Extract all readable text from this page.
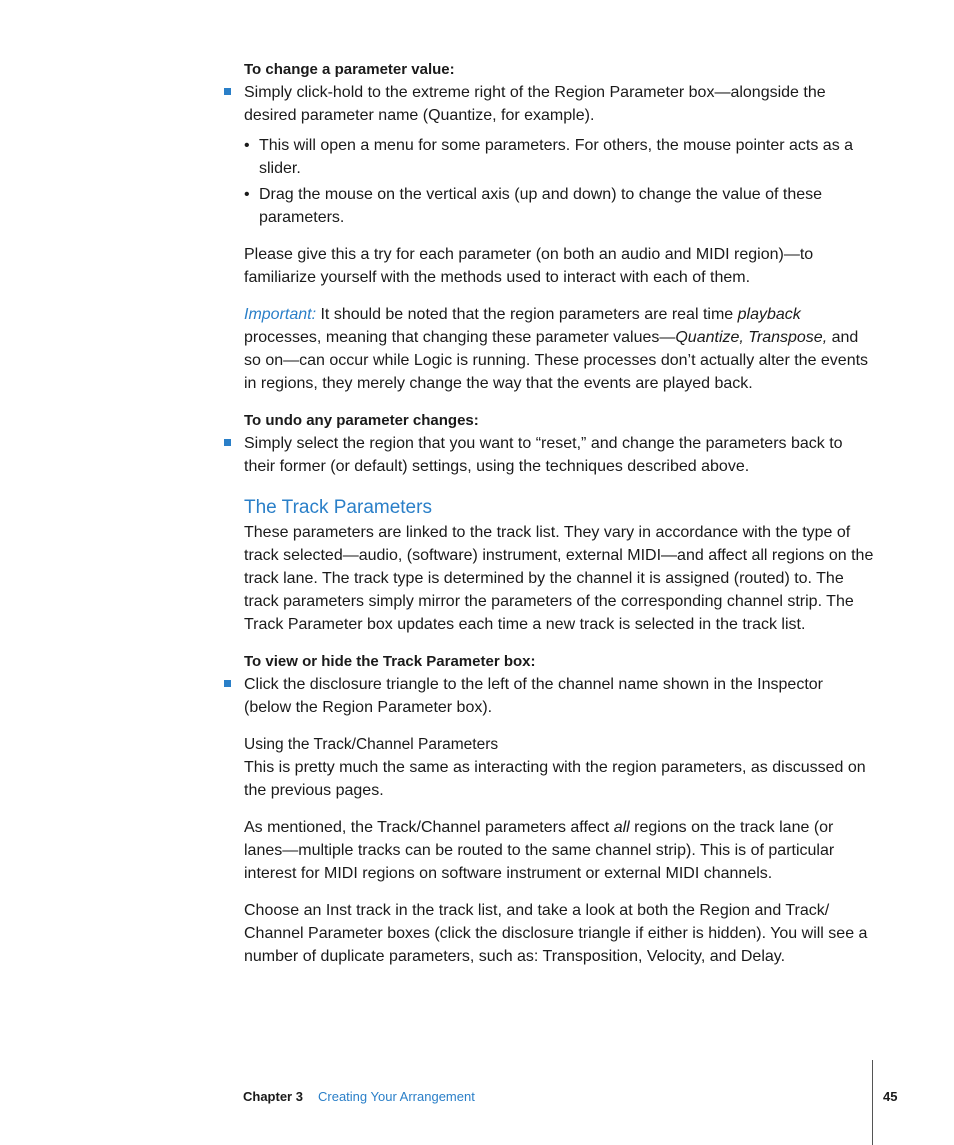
To change a parameter value:

Simply click-hold to the extreme right of the Region Parameter box—alongside the desired parameter name (Quantize, for example).

• This will open a menu for some parameters. For others, the mouse pointer acts as a slider.

• Drag the mouse on the vertical axis (up and down) to change the value of these parameters.

Please give this a try for each parameter (on both an audio and MIDI region)—to familiarize yourself with the methods used to interact with each of them.

Important: It should be noted that the region parameters are real time playback processes, meaning that changing these parameter values—Quantize, Transpose, and so on—can occur while Logic is running. These processes don’t actually alter the events in regions, they merely change the way that the events are played back.

To undo any parameter changes:

Simply select the region that you want to “reset,” and change the parameters back to their former (or default) settings, using the techniques described above.

The Track Parameters

These parameters are linked to the track list. They vary in accordance with the type of track selected—audio, (software) instrument, external MIDI—and affect all regions on the track lane. The track type is determined by the channel it is assigned (routed) to. The track parameters simply mirror the parameters of the corresponding channel strip. The Track Parameter box updates each time a new track is selected in the track list.

To view or hide the Track Parameter box:

Click the disclosure triangle to the left of the channel name shown in the Inspector (below the Region Parameter box).

Using the Track/Channel Parameters

This is pretty much the same as interacting with the region parameters, as discussed on the previous pages.

As mentioned, the Track/Channel parameters affect all regions on the track lane (or lanes—multiple tracks can be routed to the same channel strip). This is of particular interest for MIDI regions on software instrument or external MIDI channels.

Choose an Inst track in the track list, and take a look at both the Region and Track/ Channel Parameter boxes (click the disclosure triangle if either is hidden). You will see a number of duplicate parameters, such as: Transposition, Velocity, and Delay.

Chapter 3 Creating Your Arrangement	45
